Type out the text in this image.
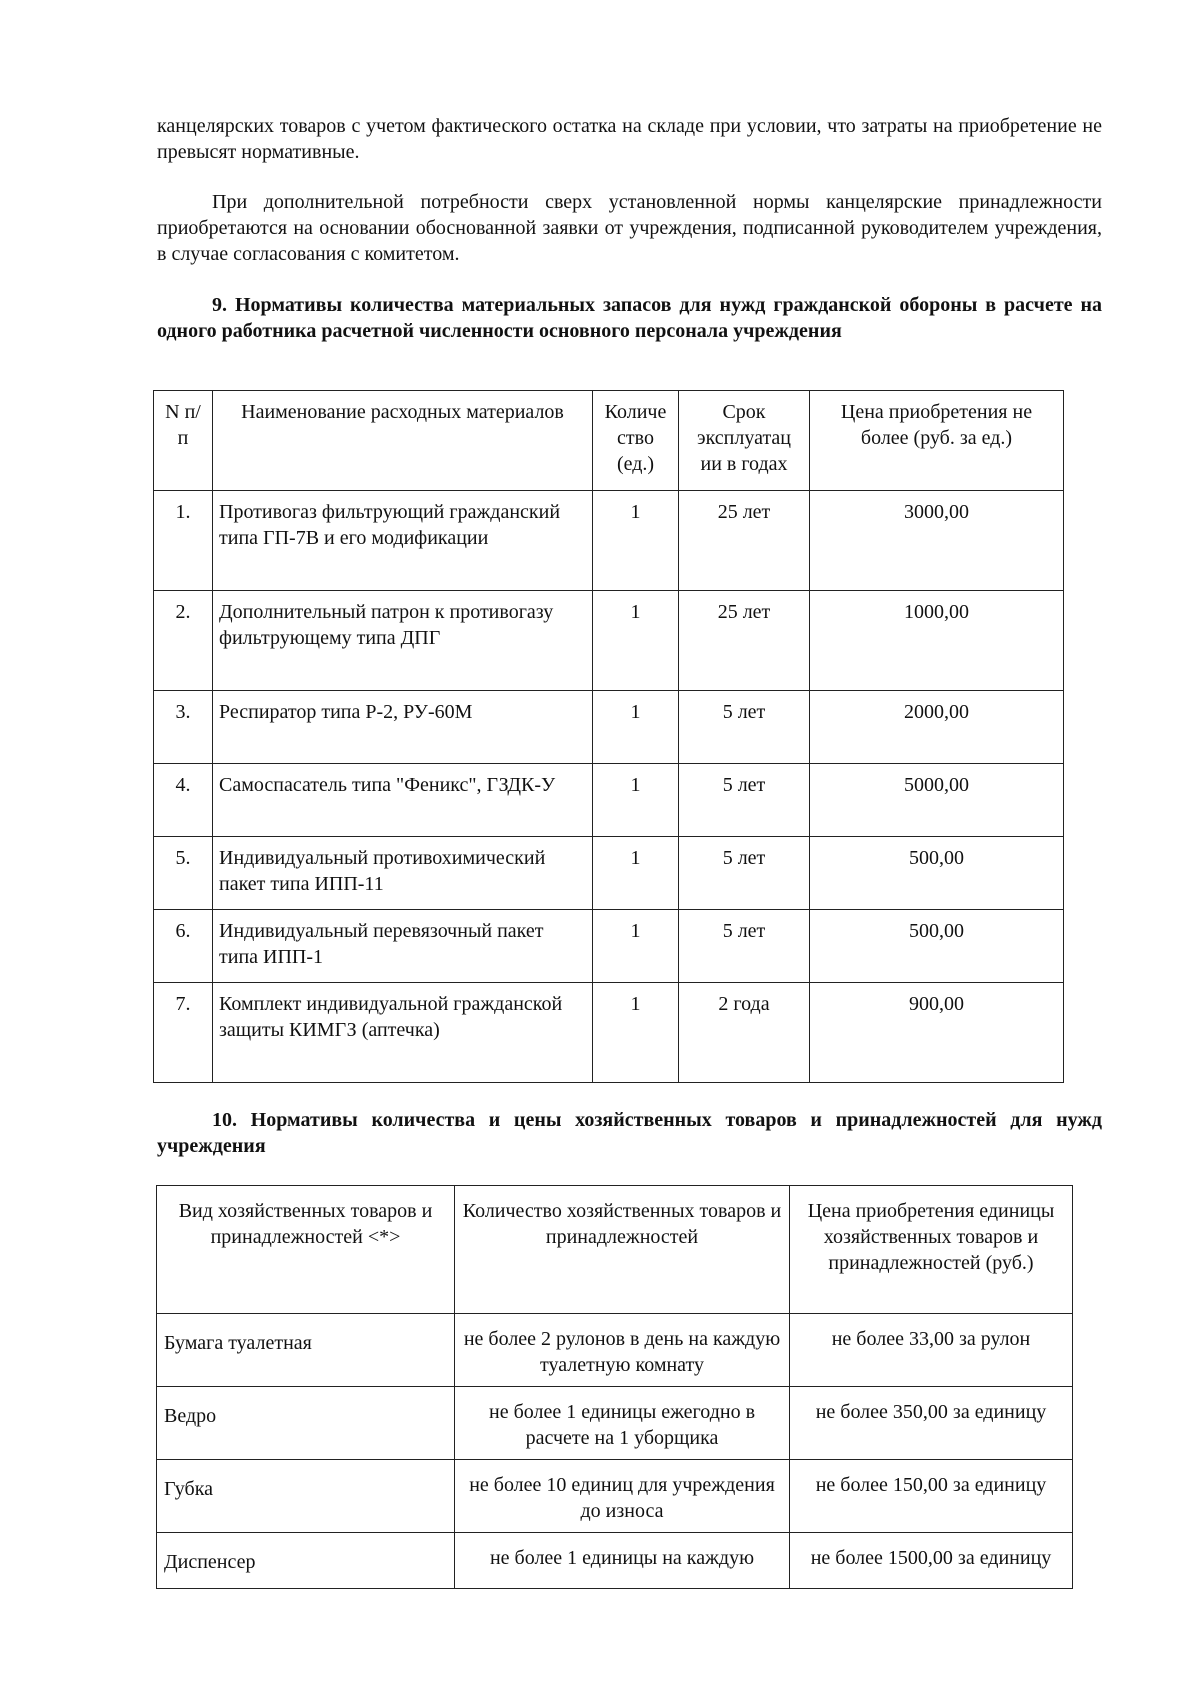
канцелярских товаров с учетом фактического остатка на складе при условии, что затраты на приобретение не превысят нормативные.

При дополнительной потребности сверх установленной нормы канцелярские принадлежности приобретаются на основании обоснованной заявки от учреждения, подписанной руководителем учреждения, в случае согласования с комитетом.

9. Нормативы количества материальных запасов для нужд гражданской обороны в расчете на одного работника расчетной численности основного персонала учреждения

N п/п	Наименование расходных материалов	Количе ство (ед.)	Срок эксплуатац ии в годах	Цена приобретения не более (руб. за ед.)
1.	Противогаз фильтрующий гражданский типа ГП-7В и его модификации	1	25 лет	3000,00
2.	Дополнительный патрон к противогазу фильтрующему типа ДПГ	1	25 лет	1000,00
3.	Респиратор типа Р-2, РУ-60М	1	5 лет	2000,00
4.	Самоспасатель типа "Феникс", ГЗДК-У	1	5 лет	5000,00
5.	Индивидуальный противохимический пакет типа ИПП-11	1	5 лет	500,00
6.	Индивидуальный перевязочный пакет типа ИПП-1	1	5 лет	500,00
7.	Комплект индивидуальной гражданской защиты КИМГЗ (аптечка)	1	2 года	900,00

10. Нормативы количества и цены хозяйственных товаров и принадлежностей для нужд учреждения

Вид хозяйственных товаров и принадлежностей <*>	Количество хозяйственных товаров и принадлежностей	Цена приобретения единицы хозяйственных товаров и принадлежностей (руб.)
Бумага туалетная	не более 2 рулонов в день на каждую туалетную комнату	не более 33,00 за рулон
Ведро	не более 1 единицы ежегодно в расчете на 1 уборщика	не более 350,00 за единицу
Губка	не более 10 единиц для учреждения до износа	не более 150,00 за единицу
Диспенсер	не более 1 единицы на каждую	не более 1500,00 за единицу
